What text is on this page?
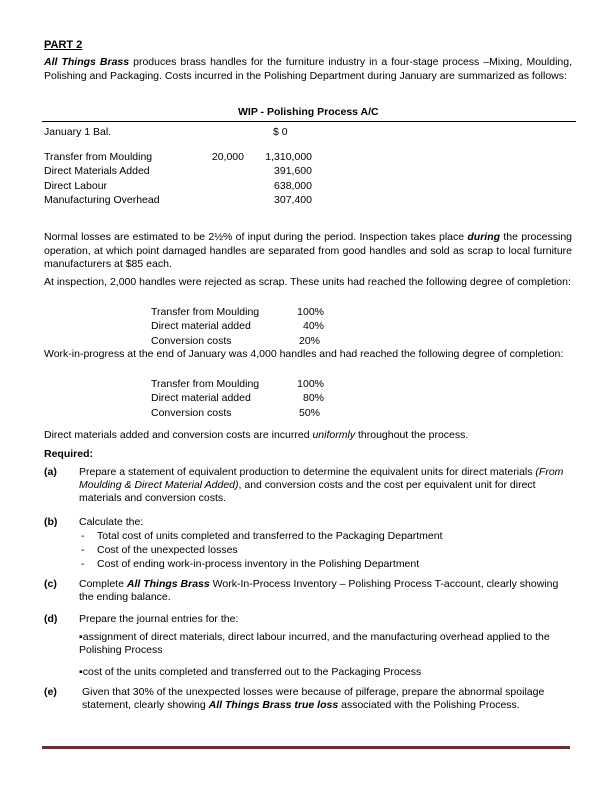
PART 2
All Things Brass produces brass handles for the furniture industry in a four-stage process –Mixing, Moulding, Polishing and Packaging. Costs incurred in the Polishing Department during January are summarized as follows:
WIP - Polishing Process A/C
January 1 Bal.	$ 0
Transfer from Moulding	20,000	1,310,000
Direct Materials Added	391,600
Direct Labour	638,000
Manufacturing Overhead	307,400
Normal losses are estimated to be 2½% of input during the period. Inspection takes place during the processing operation, at which point damaged handles are separated from good handles and sold as scrap to local furniture manufacturers at $85 each.
At inspection, 2,000 handles were rejected as scrap. These units had reached the following degree of completion:
Transfer from Moulding	100%
Direct material added	40%
Conversion costs	20%
Work-in-progress at the end of January was 4,000 handles and had reached the following degree of completion:
Transfer from Moulding	100%
Direct material added	80%
Conversion costs	50%
Direct materials added and conversion costs are incurred uniformly throughout the process.
Required:
(a) Prepare a statement of equivalent production to determine the equivalent units for direct materials (From Moulding & Direct Material Added), and conversion costs and the cost per equivalent unit for direct materials and conversion costs.
(b) Calculate the:
- Total cost of units completed and transferred to the Packaging Department
- Cost of the unexpected losses
- Cost of ending work-in-process inventory in the Polishing Department
(c) Complete All Things Brass Work-In-Process Inventory – Polishing Process T-account, clearly showing the ending balance.
(d) Prepare the journal entries for the:
▪assignment of direct materials, direct labour incurred, and the manufacturing overhead applied to the Polishing Process
▪cost of the units completed and transferred out to the Packaging Process
(e) Given that 30% of the unexpected losses were because of pilferage, prepare the abnormal spoilage statement, clearly showing All Things Brass true loss associated with the Polishing Process.
